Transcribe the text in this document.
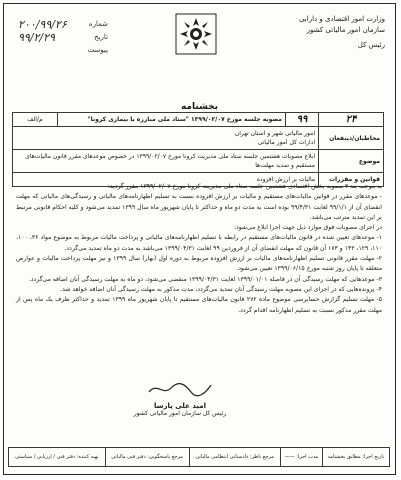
وزارت امور اقتصادی و دارایی
سازمان امور مالیاتی کشور
رئیس کل
شماره
۲۰۰/۹۹/۲۶
تاریخ
۹۹/۲/۲۹
پیوست
بخشنامه
۲۴	۹۹	مصوبه جلسه مورخ ۱۳۹۹/۰۲/۰۷ "ستاد ملی مبارزه با بیماری کرونا"	م/الف
مخاطبان/ذینفعان	امور مالیاتی شهر و استان تهران
ادارات کل امور مالیاتی		

موضوع	ابلاغ مصوبات هشتمین جلسه ستاد ملی مدیریت کرونا مورخ ۱۳۹۹/۰۲/۰۷ در خصوص موعدهای مقرر قانون مالیات‌های مستقیم و تمدید مهلت‌ها		
قوانین و مقررات	مالیات بر ارزش افزوده		

به موجب بند ۳ مصوبه بخش اقتصادی هشتمین جلسه ستاد ملی مدیریت کرونا مورخ ۱۳۹۹/۰۲/۰۷ مقرر گردید:

- موعدهای مقرر در قوانین مالیات‌های مستقیم و مالیات بر ارزش افزوده نسبت به تسلیم اظهارنامه‌های مالیاتی و رسیدگی‌های مالیاتی که مهلت انقضای آن از ۹۹/۱/۱ لغایت ۹۹/۴/۳۱ بوده است به مدت دو ماه و حداکثر تا پایان شهریور ماه سال ۱۳۹۹ تمدید می‌شود و کلیه احکام قانونی مرتبط بر این تمدید مترتب می‌باشد.

در اجرای مصوبات فوق موارد ذیل جهت اجرا ابلاغ می‌شود:

۱- موعدهای تعیین شده در قانون مالیات‌های مستقیم در رابطه با تسلیم اظهارنامه‌های مالیاتی و پرداخت مالیات مربوط به موضوع مواد ۳۶، ۱۰۰، ۱۱۰، ۱۲۹، ۱۴۳ و ۱۷۳ آن قانون که مهلت انقضای آن از فروردین ۹۹ لغایت ۱۳۹۹/۰۴/۳۱ می‌باشد به مدت دو ماه تمدید می‌گردد.

۲- مهلت مقرر قانونی تسلیم اظهارنامه‌های مالیات بر ارزش افزوده مربوط به دوره اول (بهار) سال ۱۳۹۹ و نیز مهلت پرداخت مالیات و عوارض متعلقه تا پایان روز شنبه مورخ ۱۳۹۹/۰۶/۱۵ تعیین می‌شود.

۳- موعدهایی که مهلت رسیدگی آن در فاصله ۱۳۹۹/۰۱/۰۱ لغایت ۱۳۹۹/۰۴/۳۱ منقضی می‌شود، دو ماه به مهلت رسیدگی آنان اضافه می‌گردد.

۴- پرونده‌هایی که در اجرای این مصوبه مهلت رسیدگی آنان تمدید می‌گردد، مدت مذکور به مهلت رسیدگی آنان اضافه خواهد شد.

۵- مهلت تسلیم گزارش حسابرسی موضوع ماده ۲۷۲ قانون مالیات‌های مستقیم تا پایان شهریور ماه ۱۳۹۹ تمدید و حداکثر ظرف یک ماه پس از مهلت مقرر مذکور نسبت به تسلیم اظهارنامه اقدام گردد.

امید علی پارسا
رئیس کل سازمان امور مالیاتی کشور
تاریخ اجرا: مطابق بخشنامه	مدت اجرا: ——	مرجع ناظر: دادستانی انتظامی مالیاتی	مرجع پاسخگویی: دفتر فنی مالیاتی	تهیه کننده: دفتر فنی / ارزیابی / سیاستی
